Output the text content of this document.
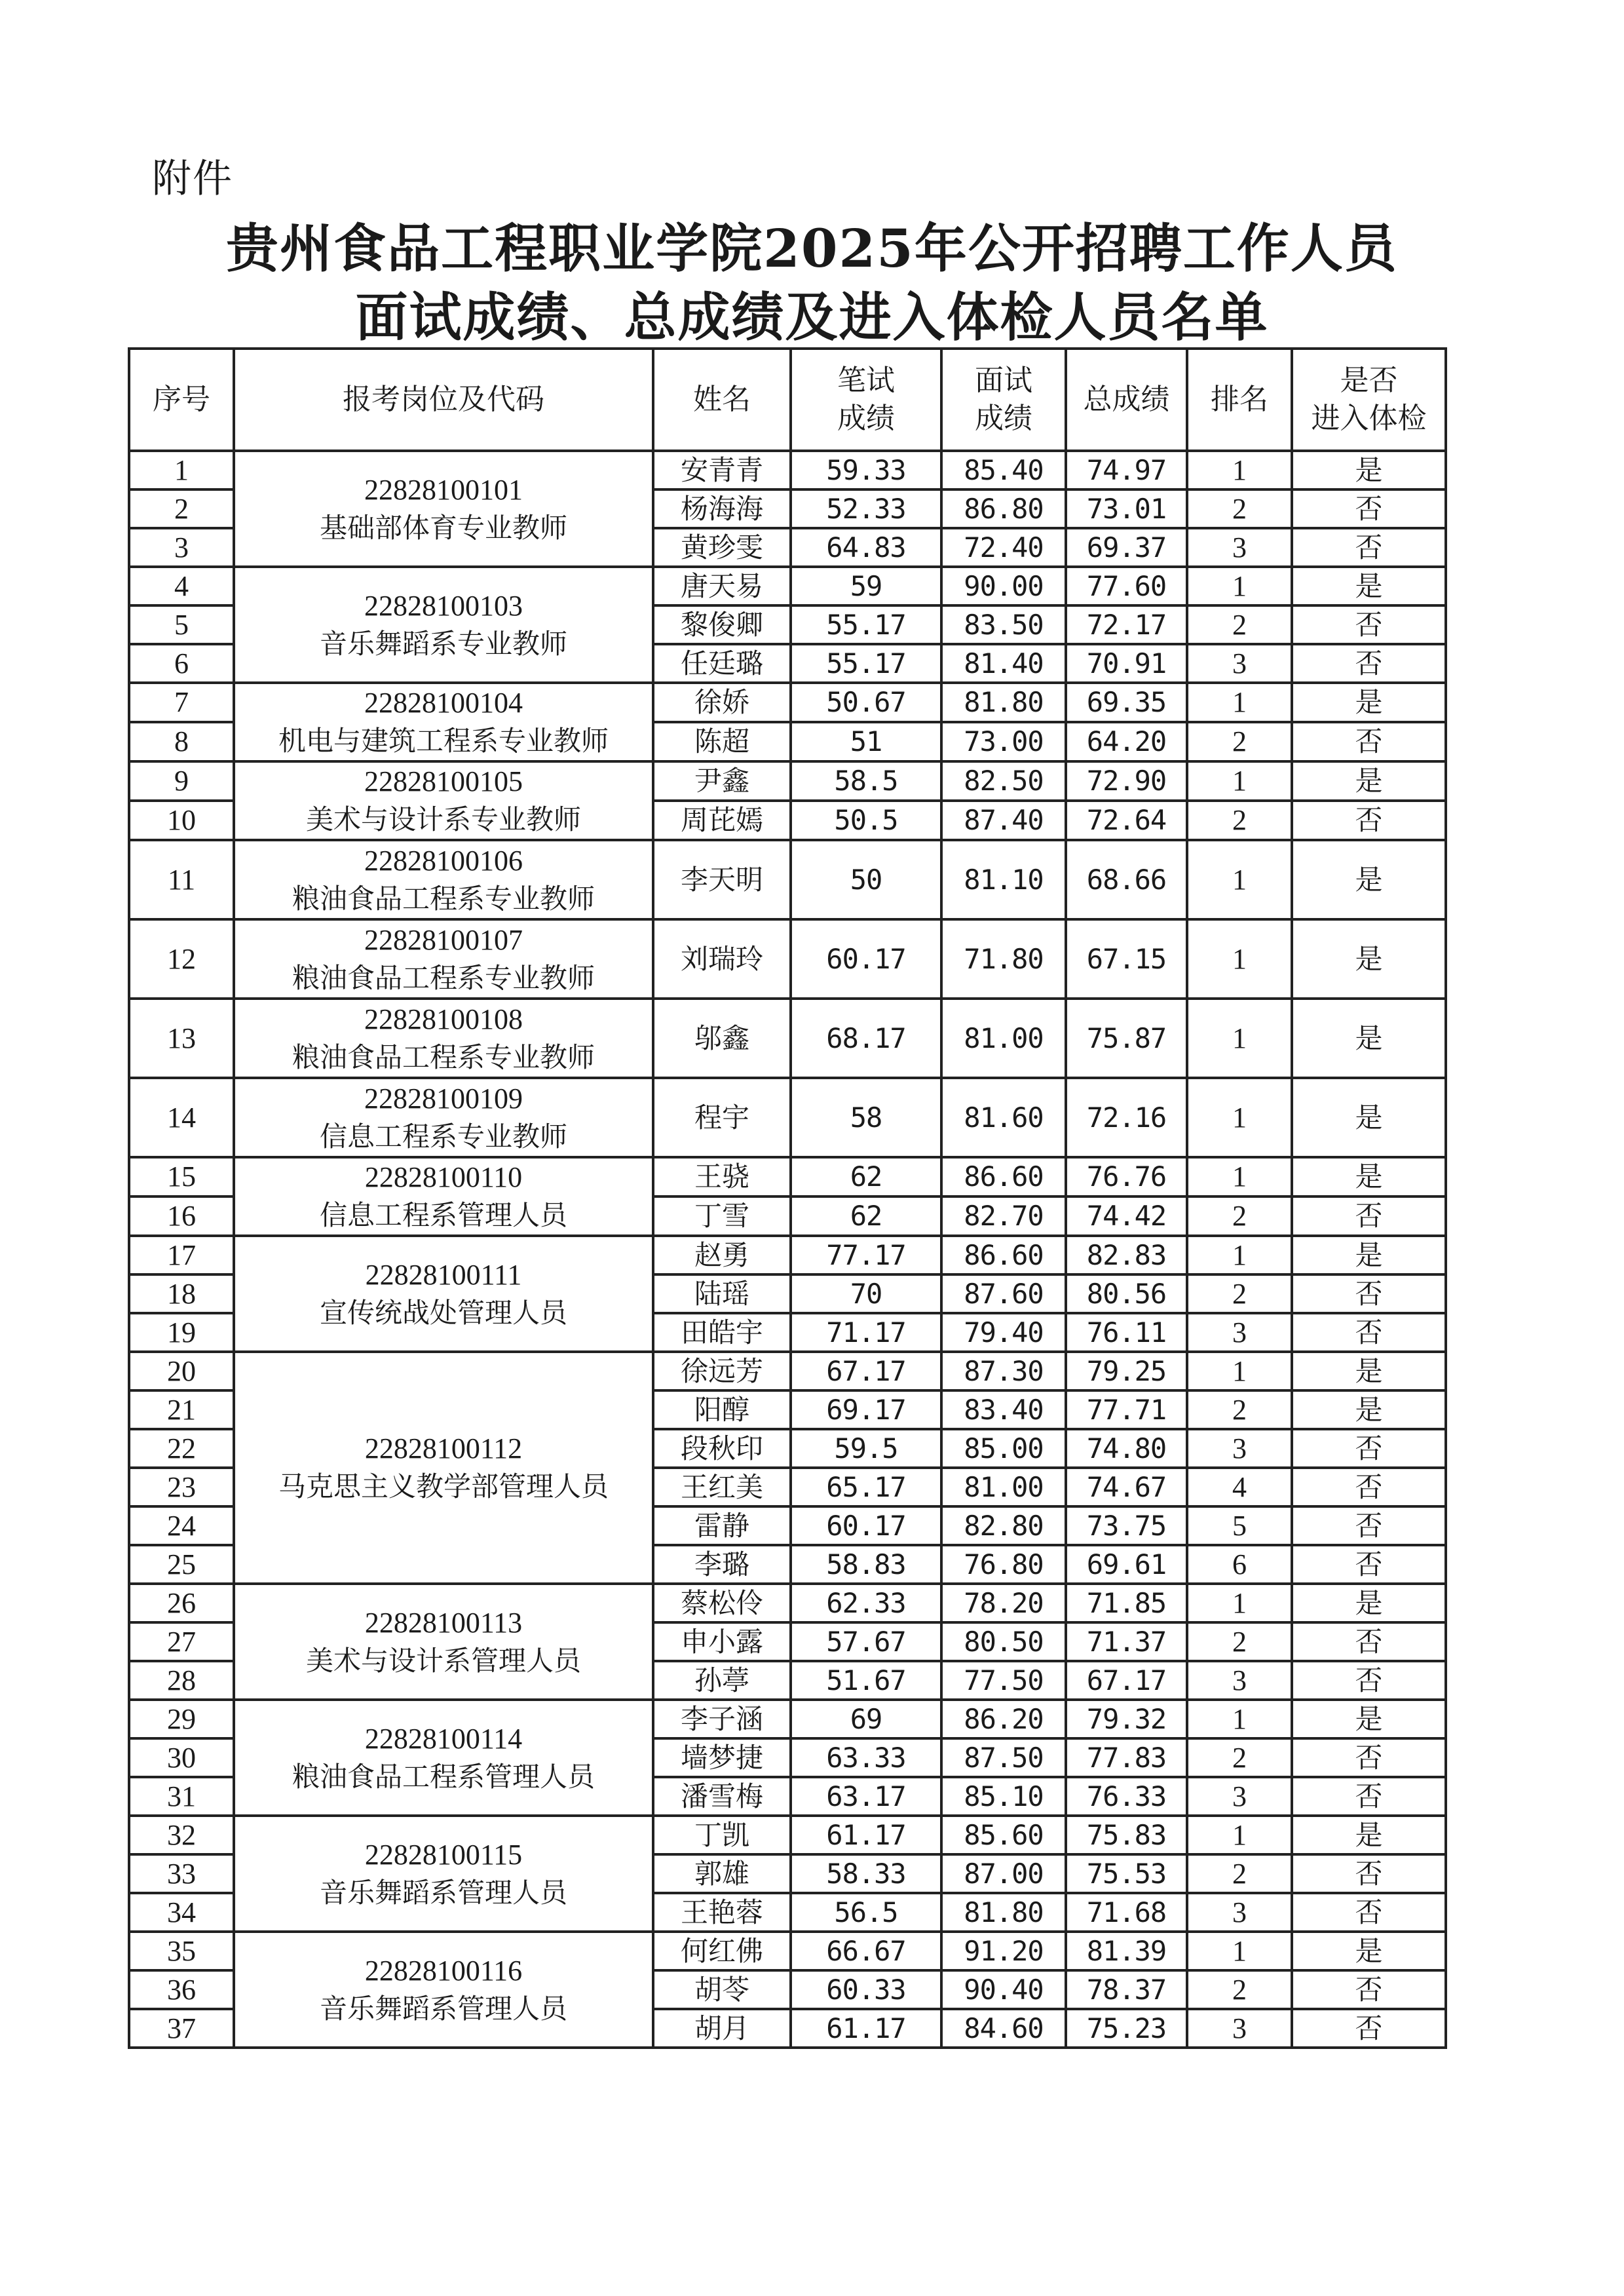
附件
贵州食品工程职业学院2025年公开招聘工作人员
面试成绩、总成绩及进入体检人员名单
序号	报考岗位及代码	姓名	笔试
成绩	面试
成绩	总成绩	排名	是否
进入体检
1	22828100101
基础部体育专业教师	安青青	59.33	85.40	74.97	1	是
2		杨海海	52.33	86.80	73.01	2	否
3		黄珍雯	64.83	72.40	69.37	3	否
4	22828100103
音乐舞蹈系专业教师	唐天易	59	90.00	77.60	1	是
5		黎俊卿	55.17	83.50	72.17	2	否
6		任廷璐	55.17	81.40	70.91	3	否
7	22828100104
机电与建筑工程系专业教师	徐娇	50.67	81.80	69.35	1	是
8		陈超	51	73.00	64.20	2	否
9	22828100105
美术与设计系专业教师	尹鑫	58.5	82.50	72.90	1	是
10		周芘嫣	50.5	87.40	72.64	2	否
11	22828100106
粮油食品工程系专业教师	李天明	50	81.10	68.66	1	是
12	22828100107
粮油食品工程系专业教师	刘瑞玲	60.17	71.80	67.15	1	是
13	22828100108
粮油食品工程系专业教师	邬鑫	68.17	81.00	75.87	1	是
14	22828100109
信息工程系专业教师	程宇	58	81.60	72.16	1	是
15	22828100110
信息工程系管理人员	王骁	62	86.60	76.76	1	是
16		丁雪	62	82.70	74.42	2	否
17	22828100111
宣传统战处管理人员	赵勇	77.17	86.60	82.83	1	是
18		陆瑶	70	87.60	80.56	2	否
19		田皓宇	71.17	79.40	76.11	3	否
20	22828100112
马克思主义教学部管理人员	徐远芳	67.17	87.30	79.25	1	是
21		阳醇	69.17	83.40	77.71	2	是
22		段秋印	59.5	85.00	74.80	3	否
23		王红美	65.17	81.00	74.67	4	否
24		雷静	60.17	82.80	73.75	5	否
25		李璐	58.83	76.80	69.61	6	否
26	22828100113
美术与设计系管理人员	蔡松伶	62.33	78.20	71.85	1	是
27		申小露	57.67	80.50	71.37	2	否
28		孙葶	51.67	77.50	67.17	3	否
29	22828100114
粮油食品工程系管理人员	李子涵	69	86.20	79.32	1	是
30		墙梦捷	63.33	87.50	77.83	2	否
31		潘雪梅	63.17	85.10	76.33	3	否
32	22828100115
音乐舞蹈系管理人员	丁凯	61.17	85.60	75.83	1	是
33		郭雄	58.33	87.00	75.53	2	否
34		王艳蓉	56.5	81.80	71.68	3	否
35	22828100116
音乐舞蹈系管理人员	何红佛	66.67	91.20	81.39	1	是
36		胡苓	60.33	90.40	78.37	2	否
37		胡月	61.17	84.60	75.23	3	否
